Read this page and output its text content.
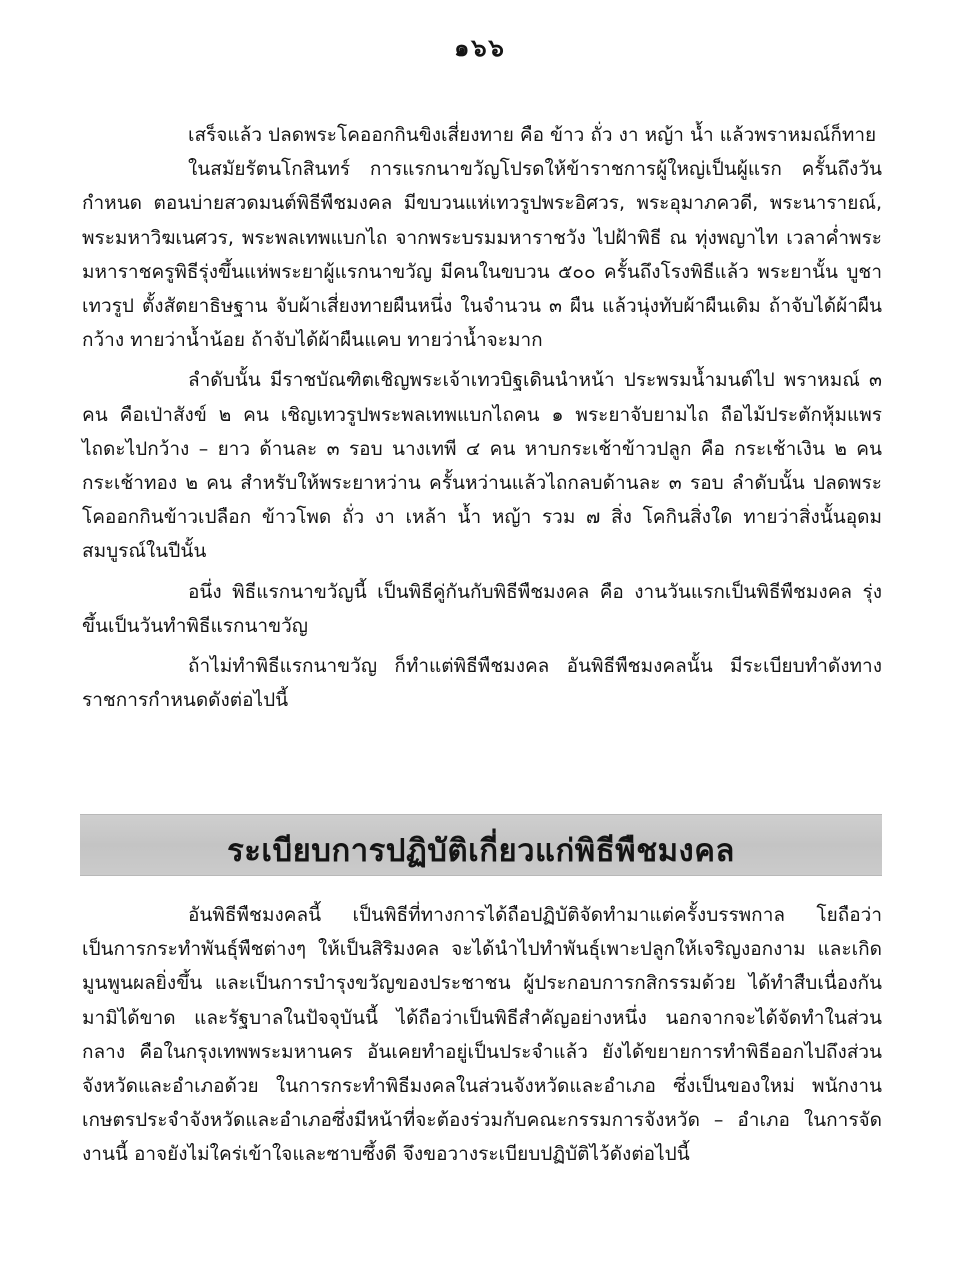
๑๖๖

เสร็จแล้ว ปลดพระโคออกกินขิงเสี่ยงทาย คือ ข้าว ถั่ว งา หญ้า น้ำ แล้วพราหมณ์ก็ทาย

ในสมัยรัตนโกสินทร์ การแรกนาขวัญโปรดให้ข้าราชการผู้ใหญ่เป็นผู้แรก ครั้นถึงวันกำหนด ตอนบ่ายสวดมนต์พิธีพืชมงคล มีขบวนแห่เทวรูปพระอิศวร, พระอุมาภควดี, พระนารายณ์, พระมหาวิฆเนศวร, พระพลเทพแบกไถ จากพระบรมมหาราชวัง ไปฝ้าพิธี ณ ทุ่งพญาไท เวลาค่ำพระมหาราชครูพิธีรุ่งขึ้นแห่พระยาผู้แรกนาขวัญ มีคนในขบวน ๕๐๐ ครั้นถึงโรงพิธีแล้ว พระยานั้น บูชาเทวรูป ตั้งสัตยาธิษฐาน จับผ้าเสี่ยงทายผืนหนึ่ง ในจำนวน ๓ ผืน แล้วนุ่งทับผ้าผืนเดิม ถ้าจับได้ผ้าผืนกว้าง ทายว่าน้ำน้อย ถ้าจับได้ผ้าผืนแคบ ทายว่าน้ำจะมาก

ลำดับนั้น มีราชบัณฑิตเชิญพระเจ้าเทวบิฐเดินนำหน้า ประพรมน้ำมนต์ไป พราหมณ์ ๓ คน คือเป่าสังข์ ๒ คน เชิญเทวรูปพระพลเทพแบกไถคน ๑ พระยาจับยามไถ ถือไม้ประตักหุ้มแพร ไถดะไปกว้าง – ยาว ด้านละ ๓ รอบ นางเทพี ๔ คน หาบกระเช้าข้าวปลูก คือ กระเช้าเงิน ๒ คน กระเช้าทอง ๒ คน สำหรับให้พระยาหว่าน ครั้นหว่านแล้วไถกลบด้านละ ๓ รอบ ลำดับนั้น ปลดพระโคออกกินข้าวเปลือก ข้าวโพด ถั่ว งา เหล้า น้ำ หญ้า รวม ๗ สิ่ง โคกินสิ่งใด ทายว่าสิ่งนั้นอุดมสมบูรณ์ในปีนั้น

อนึ่ง พิธีแรกนาขวัญนี้ เป็นพิธีคู่กันกับพิธีพืชมงคล คือ งานวันแรกเป็นพิธีพืชมงคล รุ่งขึ้นเป็นวันทำพิธีแรกนาขวัญ

ถ้าไม่ทำพิธีแรกนาขวัญ ก็ทำแต่พิธีพืชมงคล อันพิธีพืชมงคลนั้น มีระเบียบทำดังทางราชการกำหนดดังต่อไปนี้

ระเบียบการปฏิบัติเกี่ยวแก่พิธีพืชมงคล

อันพิธีพืชมงคลนี้ เป็นพิธีที่ทางการได้ถือปฏิบัติจัดทำมาแต่ครั้งบรรพกาล โยถือว่าเป็นการกระทำพันธุ์พืชต่างๆ ให้เป็นสิริมงคล จะได้นำไปทำพันธุ์เพาะปลูกให้เจริญงอกงาม และเกิดมูนพูนผลยิ่งขึ้น และเป็นการบำรุงขวัญของประชาชน ผู้ประกอบการกสิกรรมด้วย ได้ทำสืบเนื่องกันมามิได้ขาด และรัฐบาลในปัจจุบันนี้ ได้ถือว่าเป็นพิธีสำคัญอย่างหนึ่ง นอกจากจะได้จัดทำในส่วนกลาง คือในกรุงเทพพระมหานคร อันเคยทำอยู่เป็นประจำแล้ว ยังได้ขยายการทำพิธีออกไปถึงส่วนจังหวัดและอำเภอด้วย ในการกระทำพิธีมงคลในส่วนจังหวัดและอำเภอ ซึ่งเป็นของใหม่ พนักงานเกษตรประจำจังหวัดและอำเภอซึ่งมีหน้าที่จะต้องร่วมกับคณะกรรมการจังหวัด – อำเภอ ในการจัดงานนี้ อาจยังไม่ใคร่เข้าใจและซาบซึ้งดี จึงขอวางระเบียบปฏิบัติไว้ดังต่อไปนี้
